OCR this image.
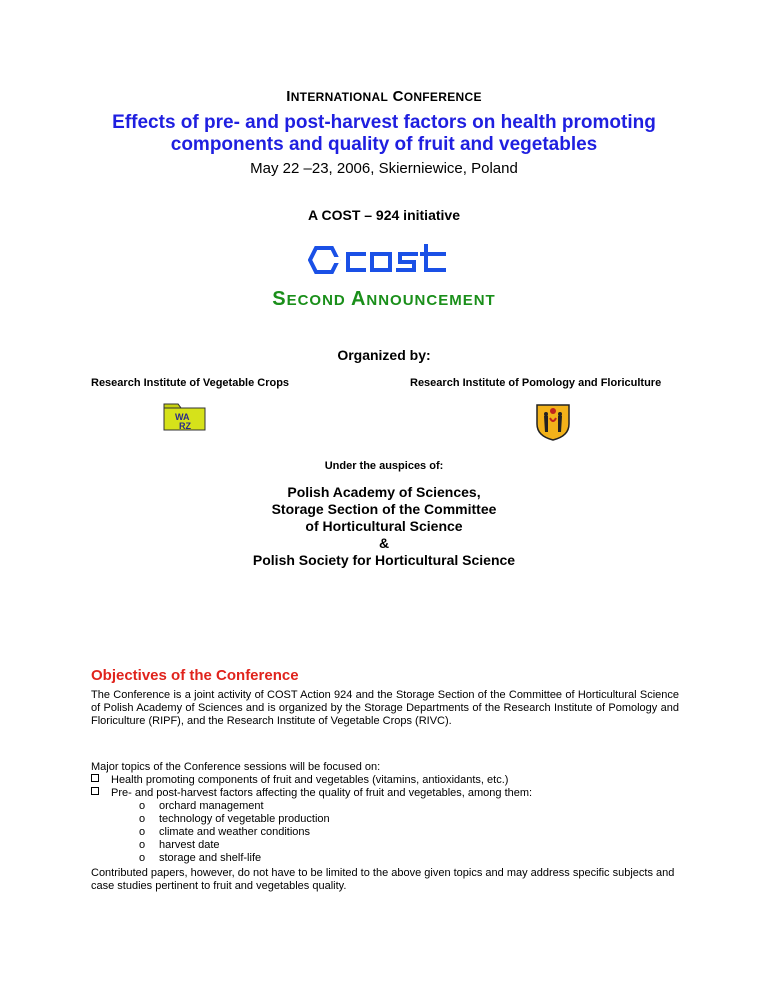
INTERNATIONAL CONFERENCE
Effects of pre- and post-harvest factors on health promoting
components and quality of fruit and vegetables
May 22 –23, 2006, Skierniewice, Poland
A COST – 924 initiative
SECOND ANNOUNCEMENT
Organized by:
Research Institute of Vegetable Crops	Research Institute of Pomology and Floriculture
WA
RZ
Under the auspices of:
Polish Academy of Sciences,
Storage Section of the Committee
of Horticultural Science
&
Polish Society for Horticultural Science
Objectives of the Conference
The Conference is a joint activity of COST Action 924 and the Storage Section of the Committee of Horticultural Science of Polish Academy of Sciences and is organized by the Storage Departments of the Research Institute of Pomology and Floriculture (RIPF), and the Research Institute of Vegetable Crops (RIVC).
Major topics of the Conference sessions will be focused on:
Health promoting components of fruit and vegetables (vitamins, antioxidants, etc.)
Pre- and post-harvest factors affecting the quality of fruit and vegetables, among them:
o orchard management
o technology of vegetable production
o climate and weather conditions
o harvest date
o storage and shelf-life
Contributed papers, however, do not have to be limited to the above given topics and may address specific subjects and case studies pertinent to fruit and vegetables quality.
